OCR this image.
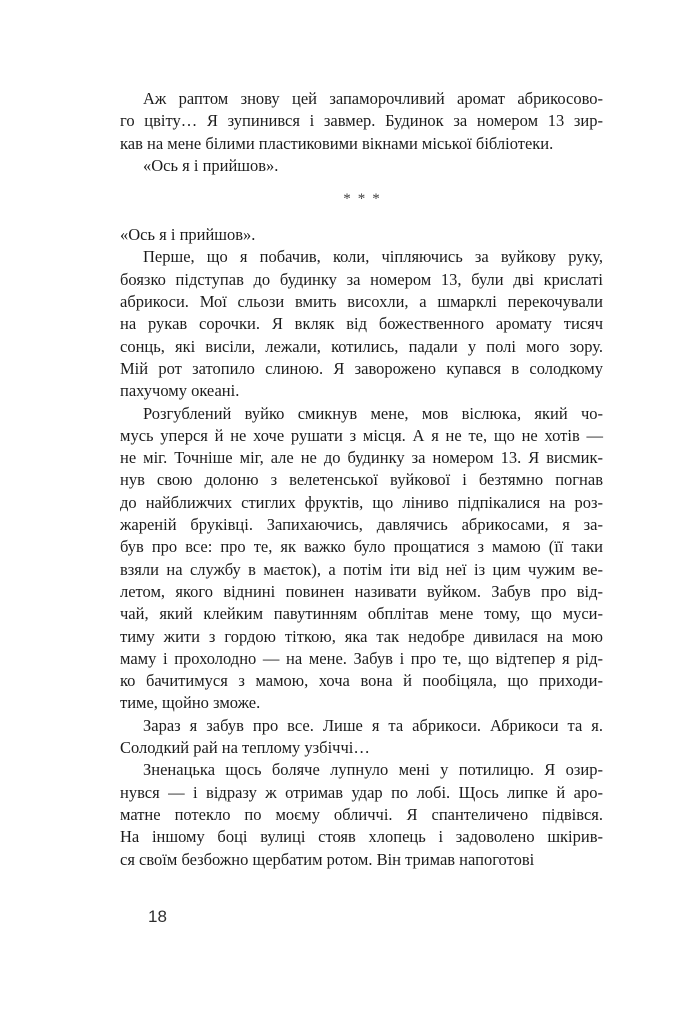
Аж раптом знову цей запаморочливий аромат абрикосово-
го цвіту… Я зупинився і завмер. Будинок за номером 13 зир-
кав на мене білими пластиковими вікнами міської бібліотеки.
«Ось я і прийшов».
***
«Ось я і прийшов».
Перше, що я побачив, коли, чіпляючись за вуйкову руку,
боязко підступав до будинку за номером 13, були дві крислаті
абрикоси. Мої сльози вмить висохли, а шмарклі перекочували
на рукав сорочки. Я вкляк від божественного аромату тисяч
сонць, які висіли, лежали, котились, падали у полі мого зору.
Мій рот затопило слиною. Я заворожено купався в солодкому
пахучому океані.
Розгублений вуйко смикнув мене, мов віслюка, який чо-
мусь уперся й не хоче рушати з місця. А я не те, що не хотів —
не міг. Точніше міг, але не до будинку за номером 13. Я висмик-
нув свою долоню з велетенської вуйкової і безтямно погнав
до найближчих стиглих фруктів, що ліниво підпікалися на роз-
жареній бруківці. Запихаючись, давлячись абрикосами, я за-
був про все: про те, як важко було прощатися з мамою (її таки
взяли на службу в маєток), а потім іти від неї із цим чужим ве-
летом, якого віднині повинен називати вуйком. Забув про від-
чай, який клейким павутинням обплітав мене тому, що муси-
тиму жити з гордою тіткою, яка так недобре дивилася на мою
маму і прохолодно — на мене. Забув і про те, що відтепер я рід-
ко бачитимуся з мамою, хоча вона й пообіцяла, що приходи-
тиме, щойно зможе.
Зараз я забув про все. Лише я та абрикоси. Абрикоси та я.
Солодкий рай на теплому узбіччі…
Зненацька щось боляче лупнуло мені у потилицю. Я озир-
нувся — і відразу ж отримав удар по лобі. Щось липке й аро-
матне потекло по моєму обличчі. Я спантеличено підвівся.
На іншому боці вулиці стояв хлопець і задоволено шкірив-
ся своїм безбожно щербатим ротом. Він тримав напоготові
18
